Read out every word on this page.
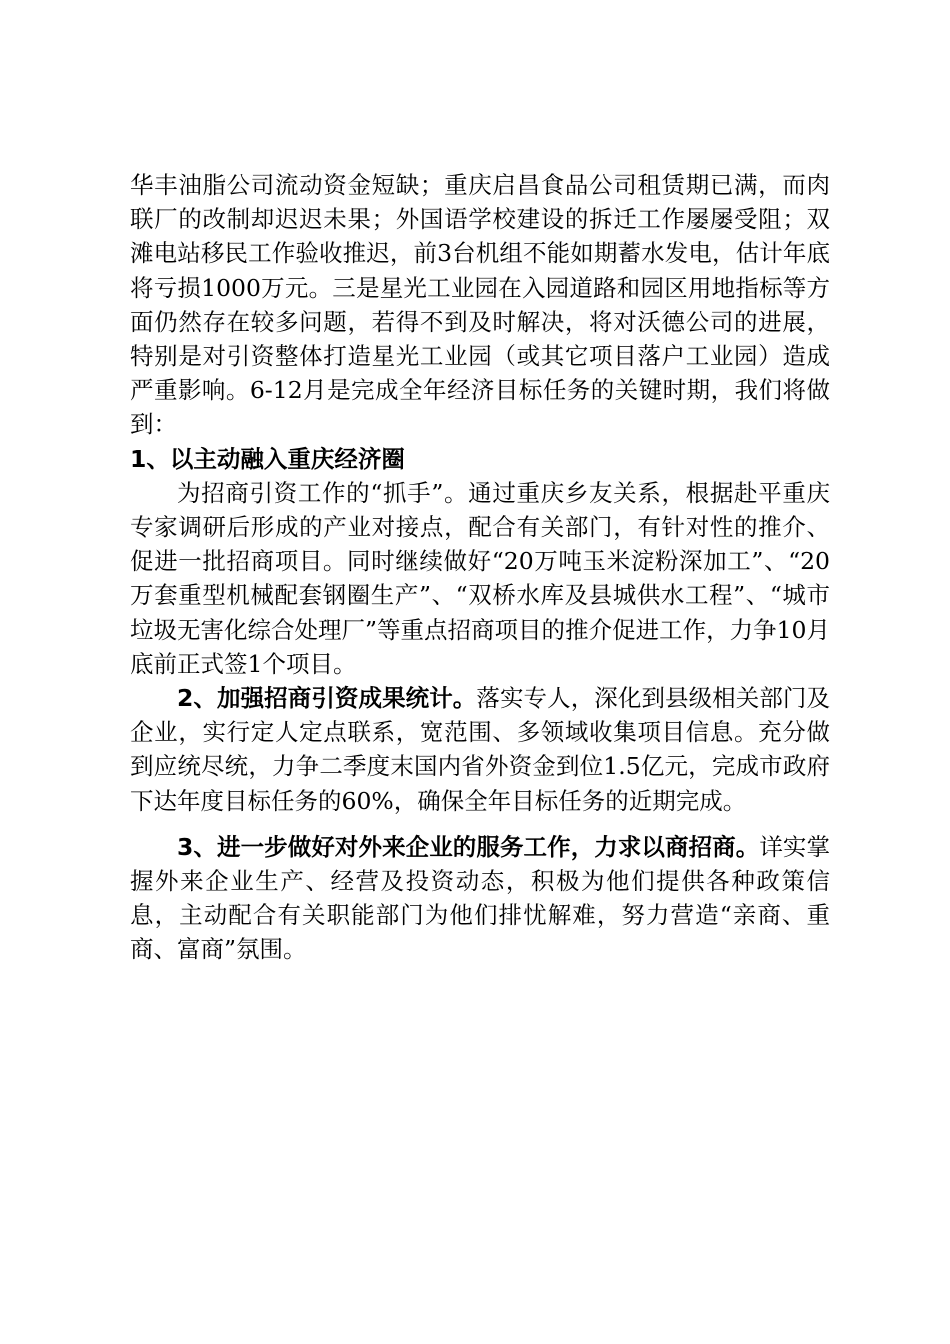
华丰油脂公司流动资金短缺；重庆启昌食品公司租赁期已满，而肉联厂的改制却迟迟未果；外国语学校建设的拆迁工作屡屡受阻；双滩电站移民工作验收推迟，前3台机组不能如期蓄水发电，估计年底将亏损1000万元。三是星光工业园在入园道路和园区用地指标等方面仍然存在较多问题，若得不到及时解决，将对沃德公司的进展，特别是对引资整体打造星光工业园（或其它项目落户工业园）造成严重影响。6-12月是完成全年经济目标任务的关键时期，我们将做到：

1、以主动融入重庆经济圈

为招商引资工作的“抓手”。通过重庆乡友关系，根据赴平重庆专家调研后形成的产业对接点，配合有关部门，有针对性的推介、促进一批招商项目。同时继续做好“20万吨玉米淀粉深加工”、“20万套重型机械配套钢圈生产”、“双桥水库及县城供水工程”、“城市垃圾无害化综合处理厂”等重点招商项目的推介促进工作，力争10月底前正式签1个项目。

2、加强招商引资成果统计。落实专人，深化到县级相关部门及企业，实行定人定点联系，宽范围、多领域收集项目信息。充分做到应统尽统，力争二季度末国内省外资金到位1.5亿元，完成市政府下达年度目标任务的60%，确保全年目标任务的近期完成。

3、进一步做好对外来企业的服务工作，力求以商招商。详实掌握外来企业生产、经营及投资动态，积极为他们提供各种政策信息，主动配合有关职能部门为他们排忧解难，努力营造“亲商、重商、富商”氛围。
